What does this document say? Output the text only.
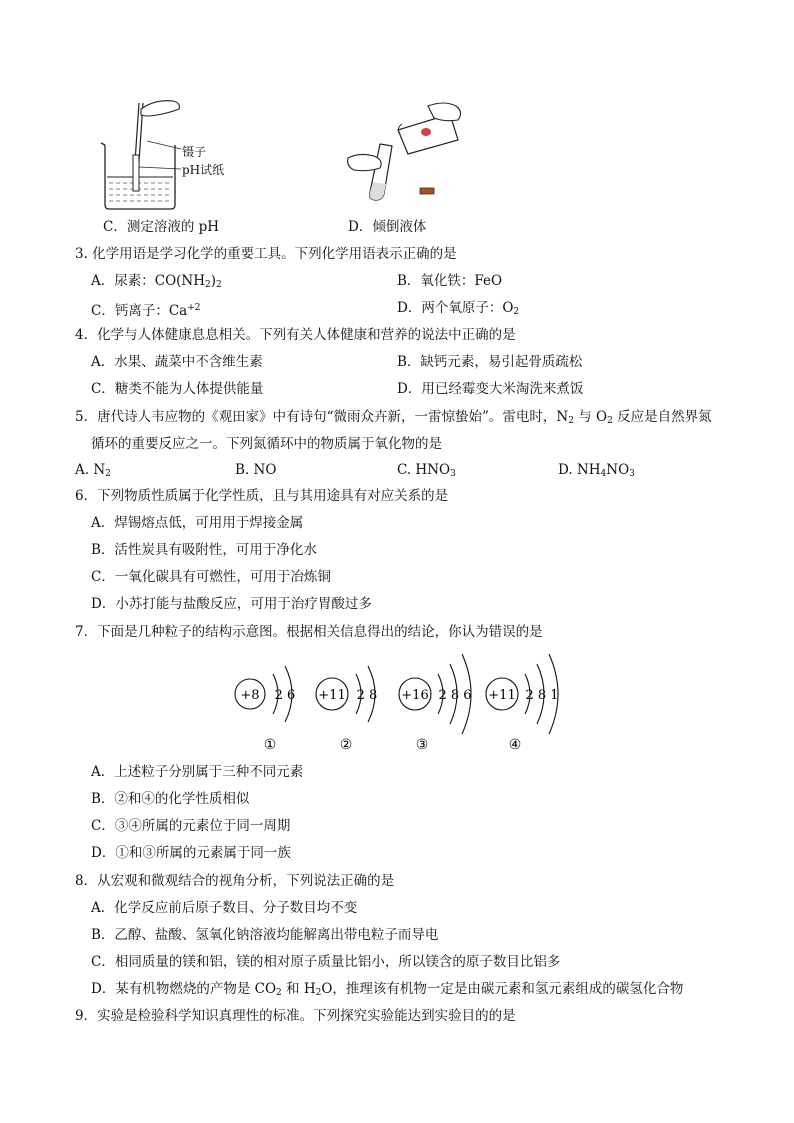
镊子
pH试纸
C．测定溶液的 pH	D．倾倒液体
3. 化学用语是学习化学的重要工具。下列化学用语表示正确的是
A．尿素：$CO(NH_2)_2$	B．氧化铁：FeO
C．钙离子：$Ca^{+2}$	D．两个氧原子：$O_2$
4．化学与人体健康息息相关。下列有关人体健康和营养的说法中正确的是
A．水果、蔬菜中不含维生素	B．缺钙元素，易引起骨质疏松
C．糖类不能为人体提供能量	D．用已经霉变大米淘洗来煮饭
5．唐代诗人韦应物的《观田家》中有诗句“微雨众卉新，一雷惊蛰始”。雷电时，$N_2$ 与 $O_2$ 反应是自然界氮
循环的重要反应之一。下列氮循环中的物质属于氧化物的是
A. $N_2$	B. NO	C. $HNO_3$	D. $NH_4NO_3$
6．下列物质性质属于化学性质，且与其用途具有对应关系的是
A．焊锡熔点低，可用用于焊接金属
B．活性炭具有吸附性，可用于净化水
C．一氧化碳具有可燃性，可用于冶炼铜
D．小苏打能与盐酸反应，可用于治疗胃酸过多
7．下面是几种粒子的结构示意图。根据相关信息得出的结论，你认为错误的是
+8 2 6
①
+11 2 8
②
+16 2 8 6
③
+11 2 8 1
④
A．上述粒子分别属于三种不同元素
B．②和④的化学性质相似
C．③④所属的元素位于同一周期
D．①和③所属的元素属于同一族
8．从宏观和微观结合的视角分析，下列说法正确的是
A．化学反应前后原子数目、分子数目均不变
B．乙醇、盐酸、氢氧化钠溶液均能解离出带电粒子而导电
C．相同质量的镁和铝，镁的相对原子质量比铝小，所以镁含的原子数目比铝多
D．某有机物燃烧的产物是 $CO_2$ 和 $H_2O$，推理该有机物一定是由碳元素和氢元素组成的碳氢化合物
9．实验是检验科学知识真理性的标准。下列探究实验能达到实验目的的是
